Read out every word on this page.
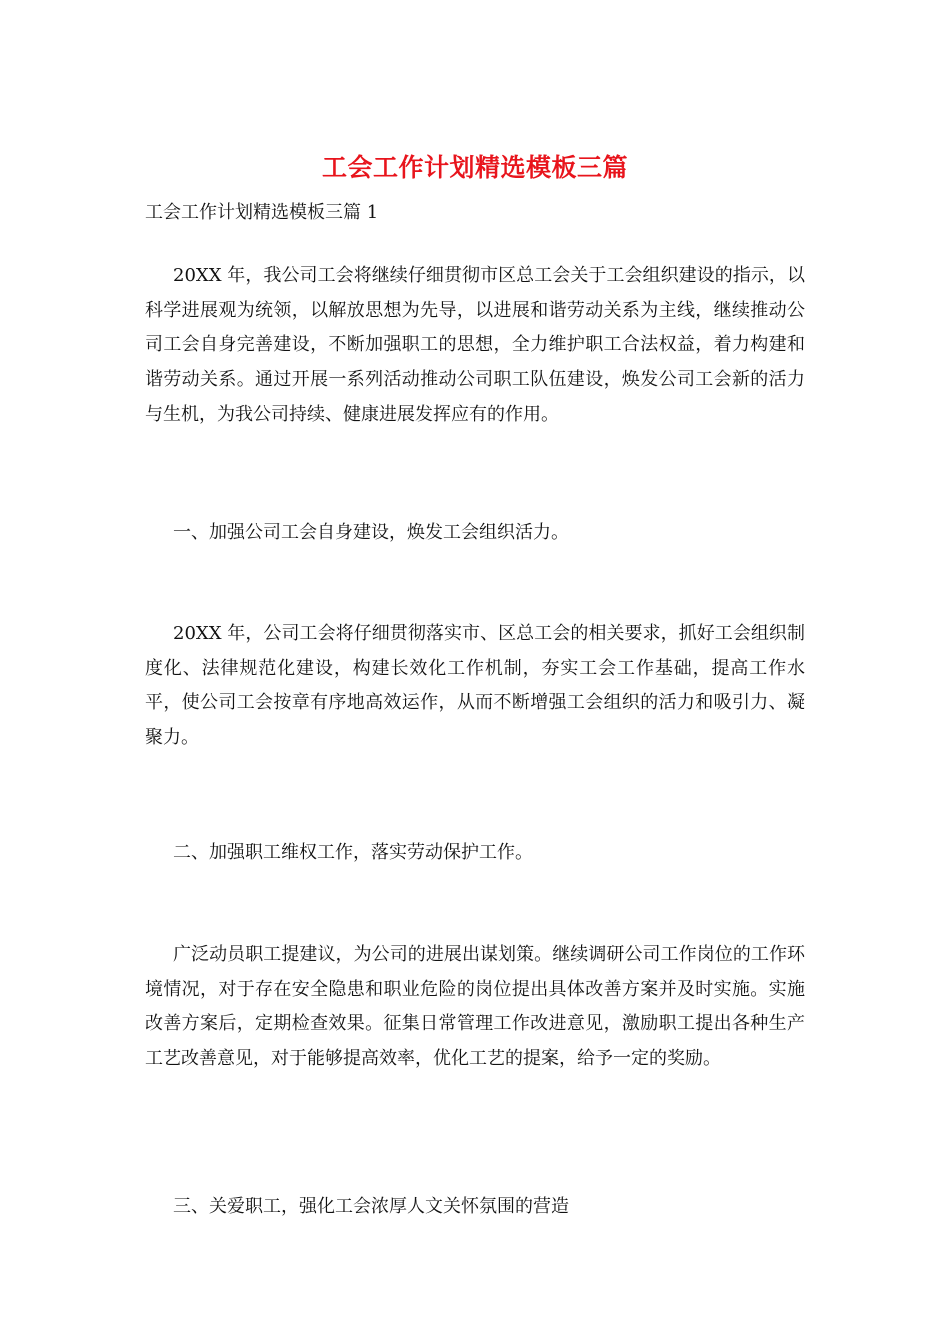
工会工作计划精选模板三篇
工会工作计划精选模板三篇 1

20XX 年，我公司工会将继续仔细贯彻市区总工会关于工会组织建设的指示，以科学进展观为统领，以解放思想为先导，以进展和谐劳动关系为主线，继续推动公司工会自身完善建设，不断加强职工的思想，全力维护职工合法权益，着力构建和谐劳动关系。通过开展一系列活动推动公司职工队伍建设，焕发公司工会新的活力与生机，为我公司持续、健康进展发挥应有的作用。

一、加强公司工会自身建设，焕发工会组织活力。

20XX 年，公司工会将仔细贯彻落实市、区总工会的相关要求，抓好工会组织制度化、法律规范化建设，构建长效化工作机制，夯实工会工作基础，提高工作水平，使公司工会按章有序地高效运作，从而不断增强工会组织的活力和吸引力、凝聚力。

二、加强职工维权工作，落实劳动保护工作。

广泛动员职工提建议，为公司的进展出谋划策。继续调研公司工作岗位的工作环境情况，对于存在安全隐患和职业危险的岗位提出具体改善方案并及时实施。实施改善方案后，定期检查效果。征集日常管理工作改进意见，激励职工提出各种生产工艺改善意见，对于能够提高效率，优化工艺的提案，给予一定的奖励。

三、关爱职工，强化工会浓厚人文关怀氛围的营造
